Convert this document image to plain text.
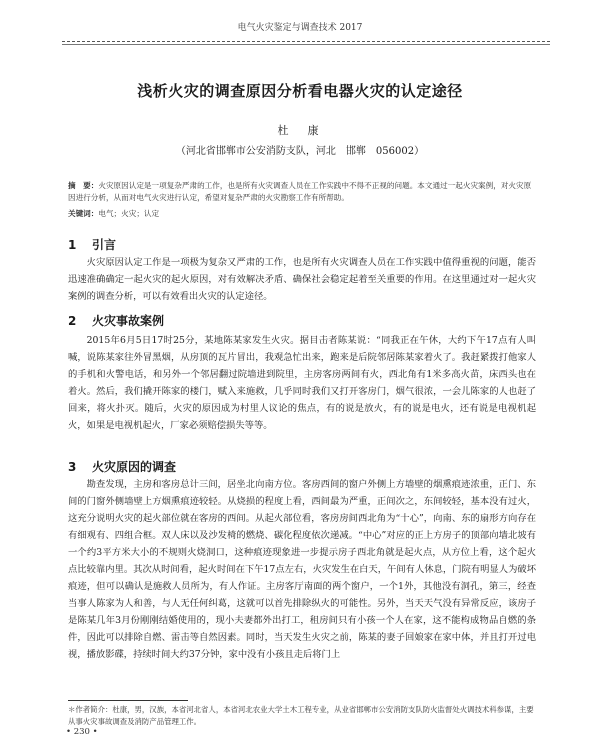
电气火灾鉴定与调查技术 2017
浅析火灾的调查原因分析看电器火灾的认定途径
杜　康
（河北省邯郸市公安消防支队，河北　邯郸　056002）
摘　要：火灾原因认定是一项复杂严肃的工作，也是所有火灾调查人员在工作实践中不得不正视的问题。本文通过一起火灾案例，对火灾原因进行分析，从而对电气火灾进行认定，希望对复杂严肃的火灾勘察工作有所帮助。
关键词：电气；火灾；认定
1 引言
火灾原因认定工作是一项极为复杂又严肃的工作，也是所有火灾调查人员在工作实践中值得重视的问题，能否迅速准确确定一起火灾的起火原因，对有效解决矛盾、确保社会稳定起着至关重要的作用。在这里通过对一起火灾案例的调查分析，可以有效看出火灾的认定途径。
2 火灾事故案例
2015年6月5日17时25分，某地陈某家发生火灾。据目击者陈某说：“同我正在午休，大约下午17点有人叫喊，说陈某家往外冒黑烟，从房顶的瓦片冒出，我观急忙出来，跑来是后院邻居陈某家着火了。我赶紧拨打他家人的手机和火警电话，和另外一个邻居翻过院墙进到院里，主房客房两间有火，西北角有1米多高火苗，床西头也在着火。然后，我们撬开陈家的楼门，赋入来施救，几乎同时我们又打开客房门，烟气很浓，一会儿陈家的人也赶了回来，将火扑灭。随后，火灾的原因成为村里人议论的焦点，有的说是放火，有的说是电火，还有说是电视机起火，如果是电视机起火，厂家必须赔偿损失等等。
3 火灾原因的调查
勘查发现，主房和客房总计三间，居坐北向南方位。客房西间的窗户外侧上方墙壁的烟熏痕迹浓重，正门、东间的门窗外侧墙壁上方烟熏痕迹较轻。从烧损的程度上看，西间最为严重，正间次之，东间较轻，基本没有过火，这充分说明火灾的起火部位就在客房的西间。从起火部位看，客房房间西北角为“十心”，向南、东的扇形方向存在有细观有、四组合框。双人床以及沙发椅的燃烧、碳化程度依次递减。“中心”对应的正上方房子的顶部向墙北坡有一个约3平方米大小的不规则火烧洞口，这种痕迹现象进一步提示房子西北角就是起火点，从方位上看，这个起火点比较靠内里。其次从时间看，起火时间在下午17点左右，火灾发生在白天，午间有人休息，门院有明显人为破坏痕迹，但可以确认是施救人员所为，有人作证。主房客厅南面的两个窗户，一个1外，其他没有洞孔，第三，经查当事人陈家为人和善，与人无任何纠葛，这就可以首先排除纵火的可能性。另外，当天天气没有异常反应，该房子是陈某几年3月份刚刚结婚使用的，现小夫妻都外出打工，租房间只有小孩一个人在家，这不能构成物品自燃的条件，因此可以排除自燃、雷击等自然因素。同时，当天发生火灾之前，陈某的妻子回娘家在家中体，并且打开过电视，播放影碟，持续时间大约37分钟，家中没有小孩且走后将门上
＊作者简介：杜康，男，汉族，本省河北省人，本省河北农业大学土木工程专业，从业省邯郸市公安消防支队防火监督处火调技术科参谋，主要从事火灾事故调查及消防产品管理工作。
• 230 •
